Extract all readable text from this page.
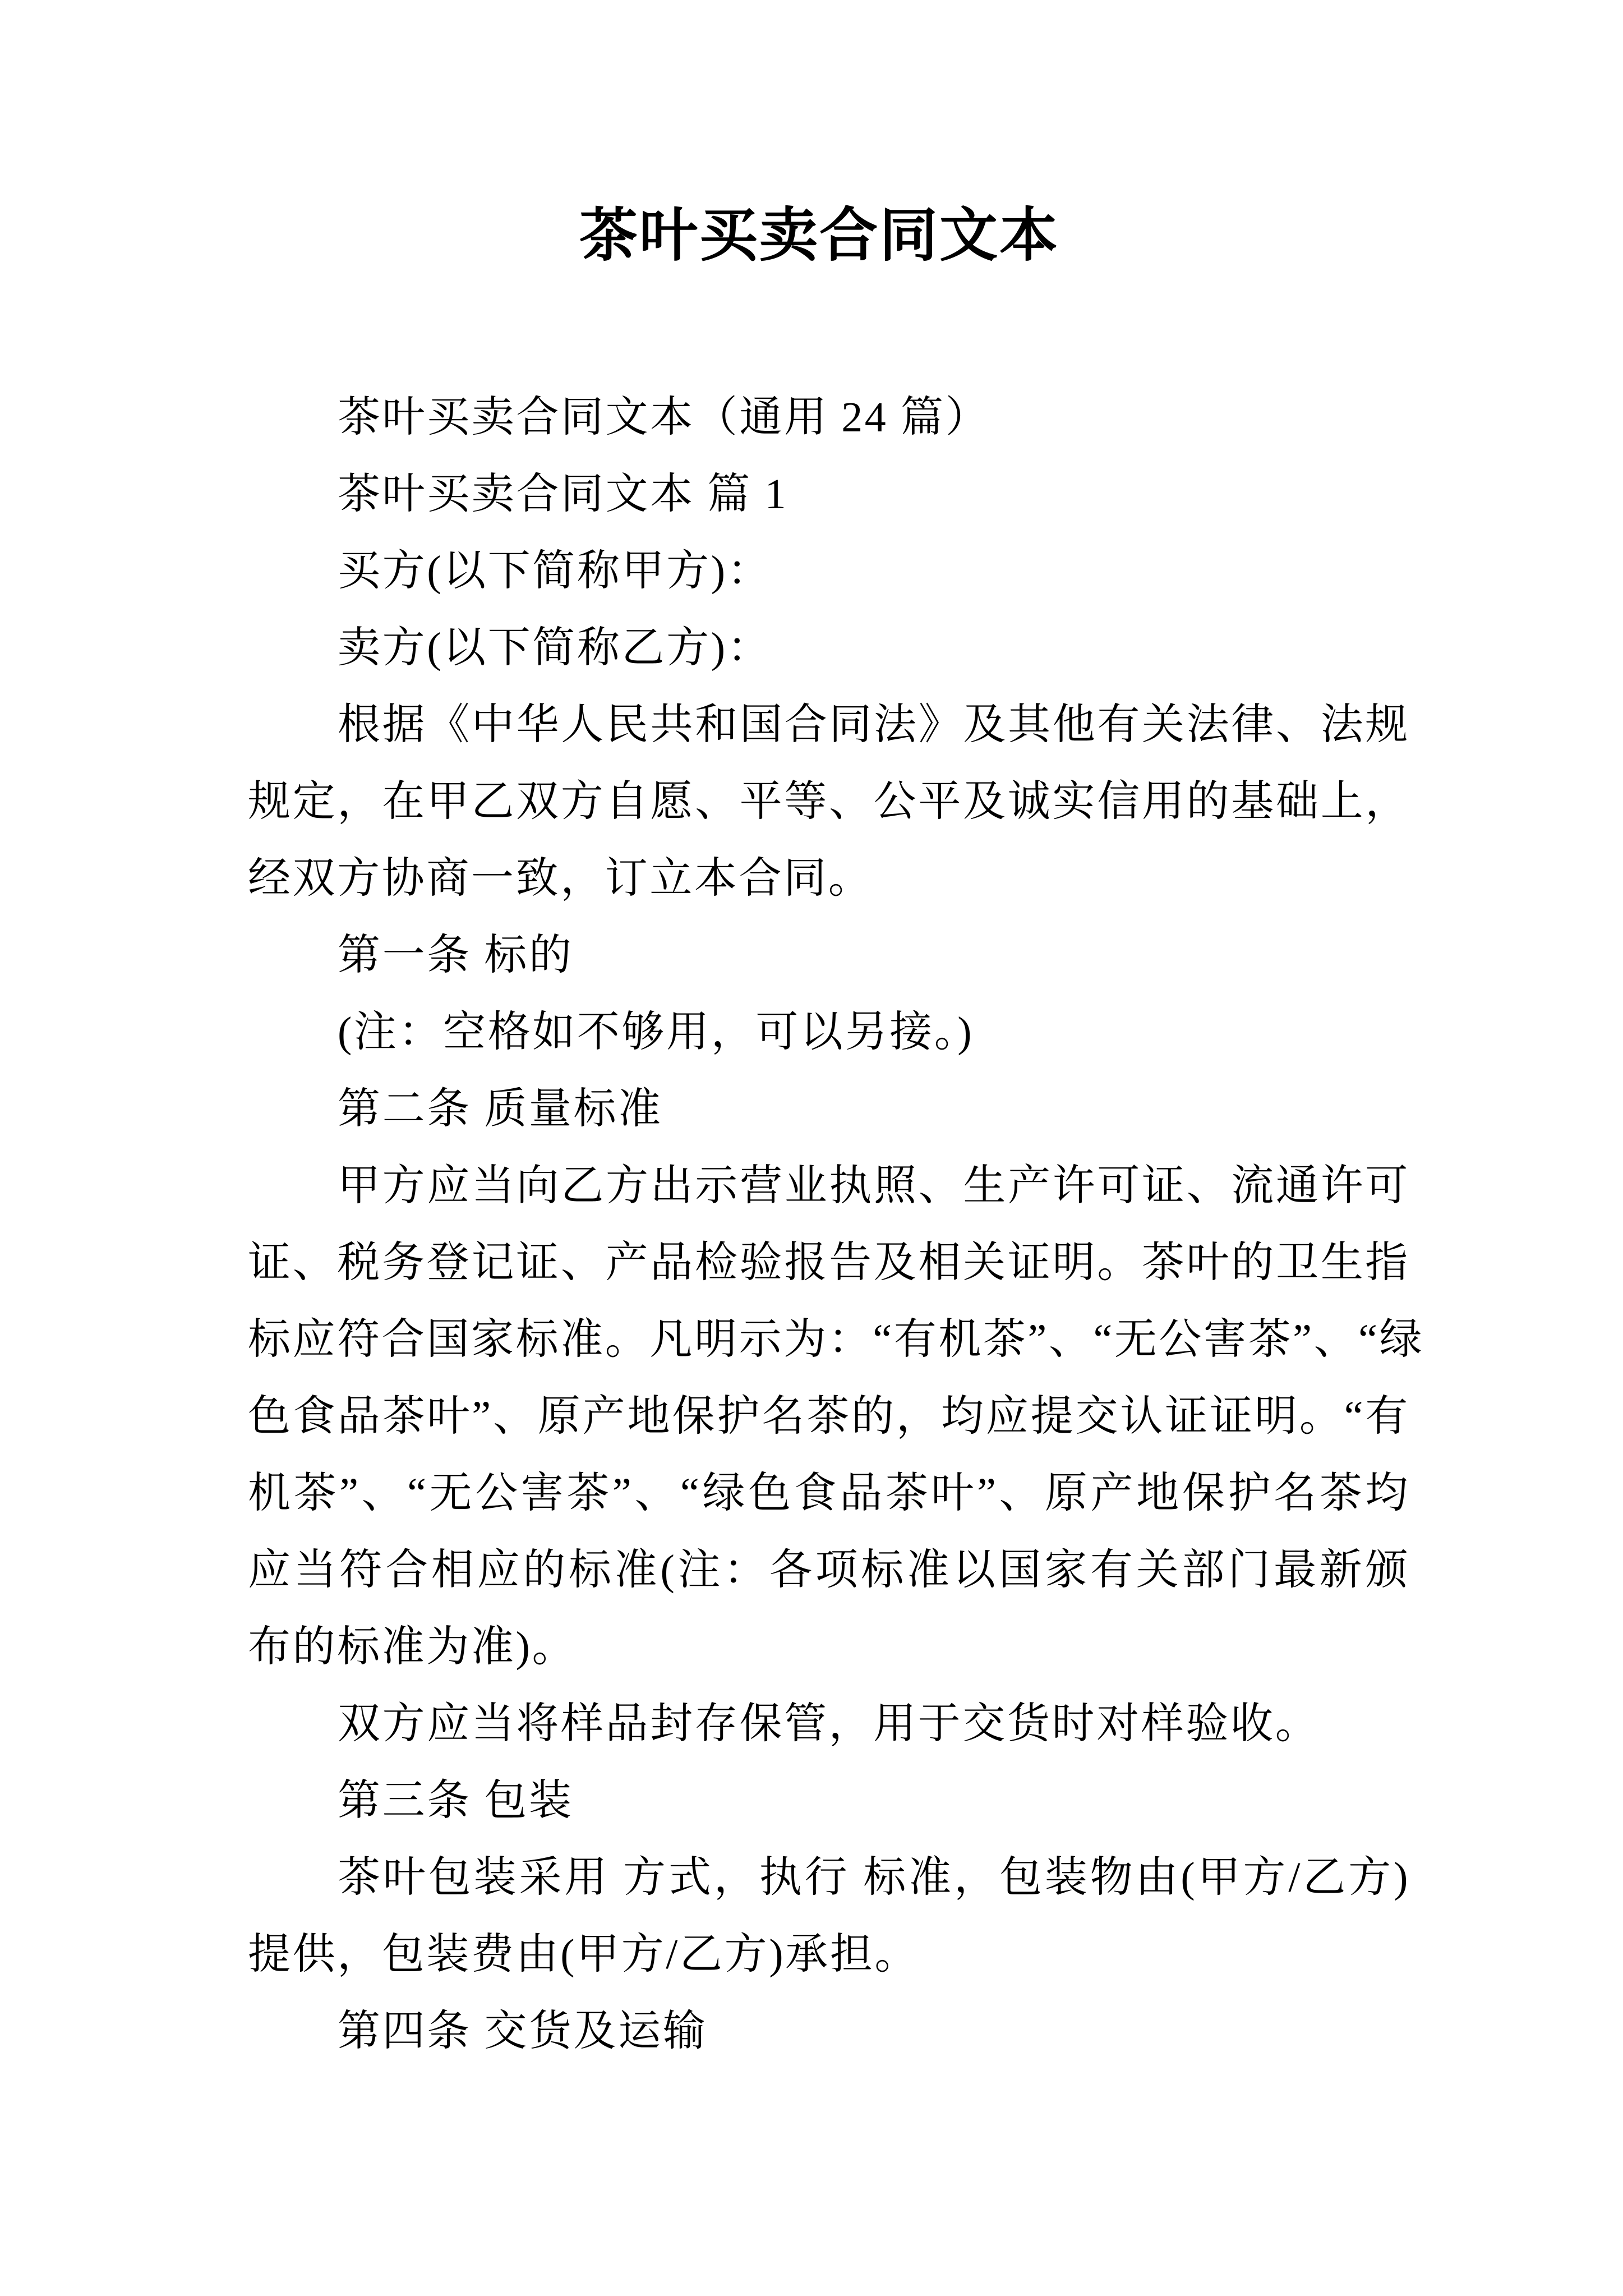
茶叶买卖合同文本
茶叶买卖合同文本（通用 24 篇）
茶叶买卖合同文本 篇 1
买方(以下简称甲方)：
卖方(以下简称乙方)：
根据《中华人民共和国合同法》及其他有关法律、法规
规定，在甲乙双方自愿、平等、公平及诚实信用的基础上，
经双方协商一致，订立本合同。
第一条 标的
(注：空格如不够用，可以另接。)
第二条 质量标准
甲方应当向乙方出示营业执照、生产许可证、流通许可
证、税务登记证、产品检验报告及相关证明。茶叶的卫生指
标应符合国家标准。凡明示为：“有机茶”、“无公害茶”、“绿
色食品茶叶”、原产地保护名茶的，均应提交认证证明。“有
机茶”、“无公害茶”、“绿色食品茶叶”、原产地保护名茶均
应当符合相应的标准(注：各项标准以国家有关部门最新颁
布的标准为准)。
双方应当将样品封存保管，用于交货时对样验收。
第三条 包装
茶叶包装采用 方式，执行 标准，包装物由(甲方/乙方)
提供，包装费由(甲方/乙方)承担。
第四条 交货及运输
